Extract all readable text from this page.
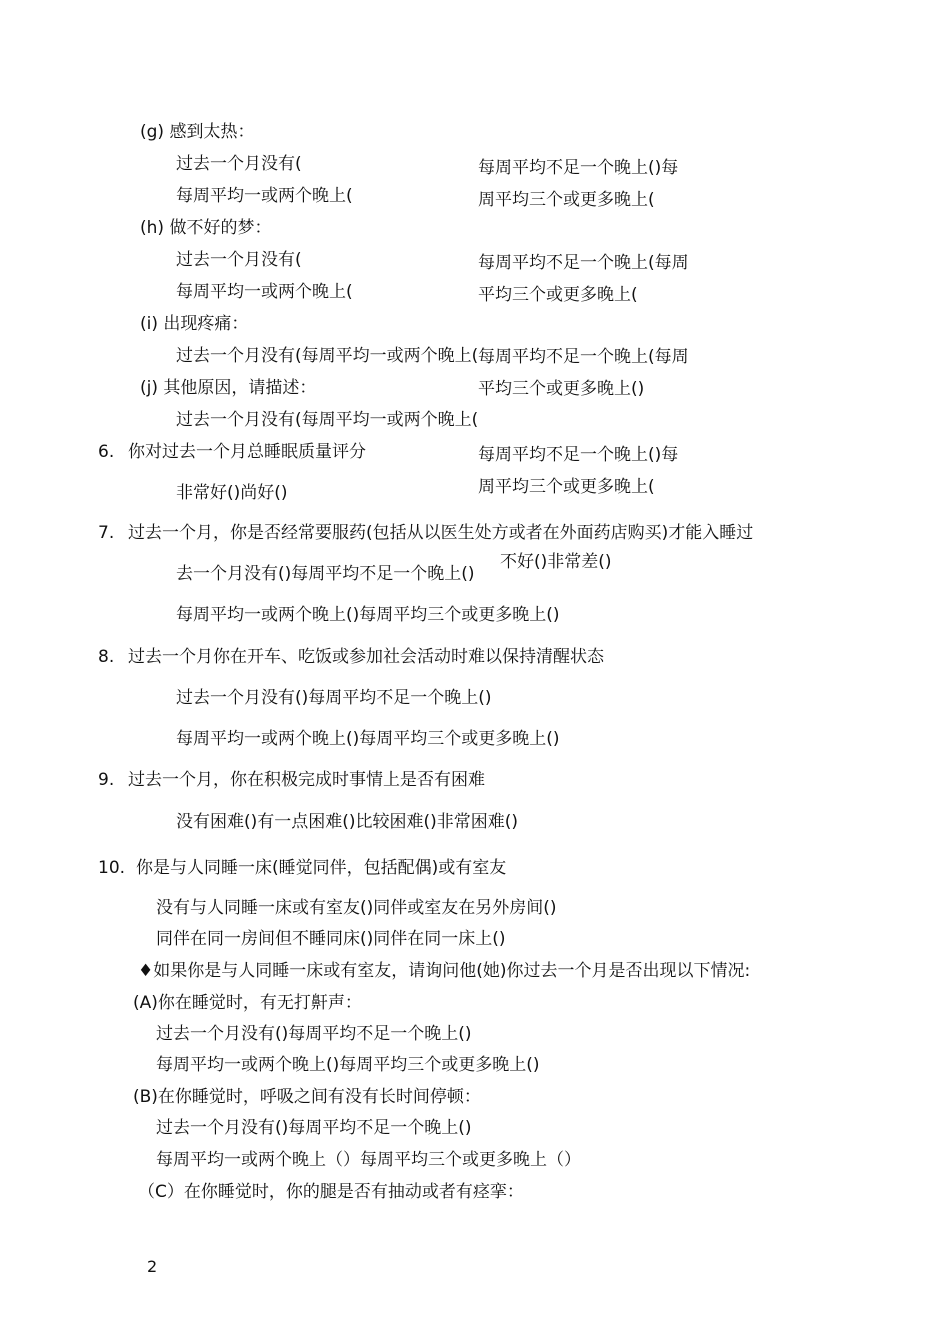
(g) 感到太热：
过去一个月没有(	每周平均不足一个晚上()每
每周平均一或两个晚上(	周平均三个或更多晚上(
(h) 做不好的梦：
过去一个月没有(	每周平均不足一个晚上(每周
每周平均一或两个晚上(	平均三个或更多晚上(
(i) 出现疼痛：
过去一个月没有(每周平均一或两个晚上( 每周平均不足一个晚上(每周
(j) 其他原因，请描述：	平均三个或更多晚上()
过去一个月没有(每周平均一或两个晚上(
6. 你对过去一个月总睡眠质量评分	每周平均不足一个晚上()每
非常好()尚好()	周平均三个或更多晚上(
7. 过去一个月，你是否经常要服药(包括从以医生处方或者在外面药店购买)才能入睡过
不好()非常差()
去一个月没有()每周平均不足一个晚上()
每周平均一或两个晚上()每周平均三个或更多晚上()
8. 过去一个月你在开车、吃饭或参加社会活动时难以保持清醒状态
过去一个月没有()每周平均不足一个晚上()
每周平均一或两个晚上()每周平均三个或更多晚上()
9. 过去一个月，你在积极完成时事情上是否有困难
没有困难()有一点困难()比较困难()非常困难()
10. 你是与人同睡一床(睡觉同伴，包括配偶)或有室友
没有与人同睡一床或有室友()同伴或室友在另外房间()
同伴在同一房间但不睡同床()同伴在同一床上()
♦如果你是与人同睡一床或有室友，请询问他(她)你过去一个月是否出现以下情况:
(A)你在睡觉时，有无打鼾声：
过去一个月没有()每周平均不足一个晚上()
每周平均一或两个晚上()每周平均三个或更多晚上()
(B)在你睡觉时，呼吸之间有没有长时间停顿：
过去一个月没有()每周平均不足一个晚上()
每周平均一或两个晚上（）每周平均三个或更多晚上（）
（C）在你睡觉时，你的腿是否有抽动或者有痉挛：
2
